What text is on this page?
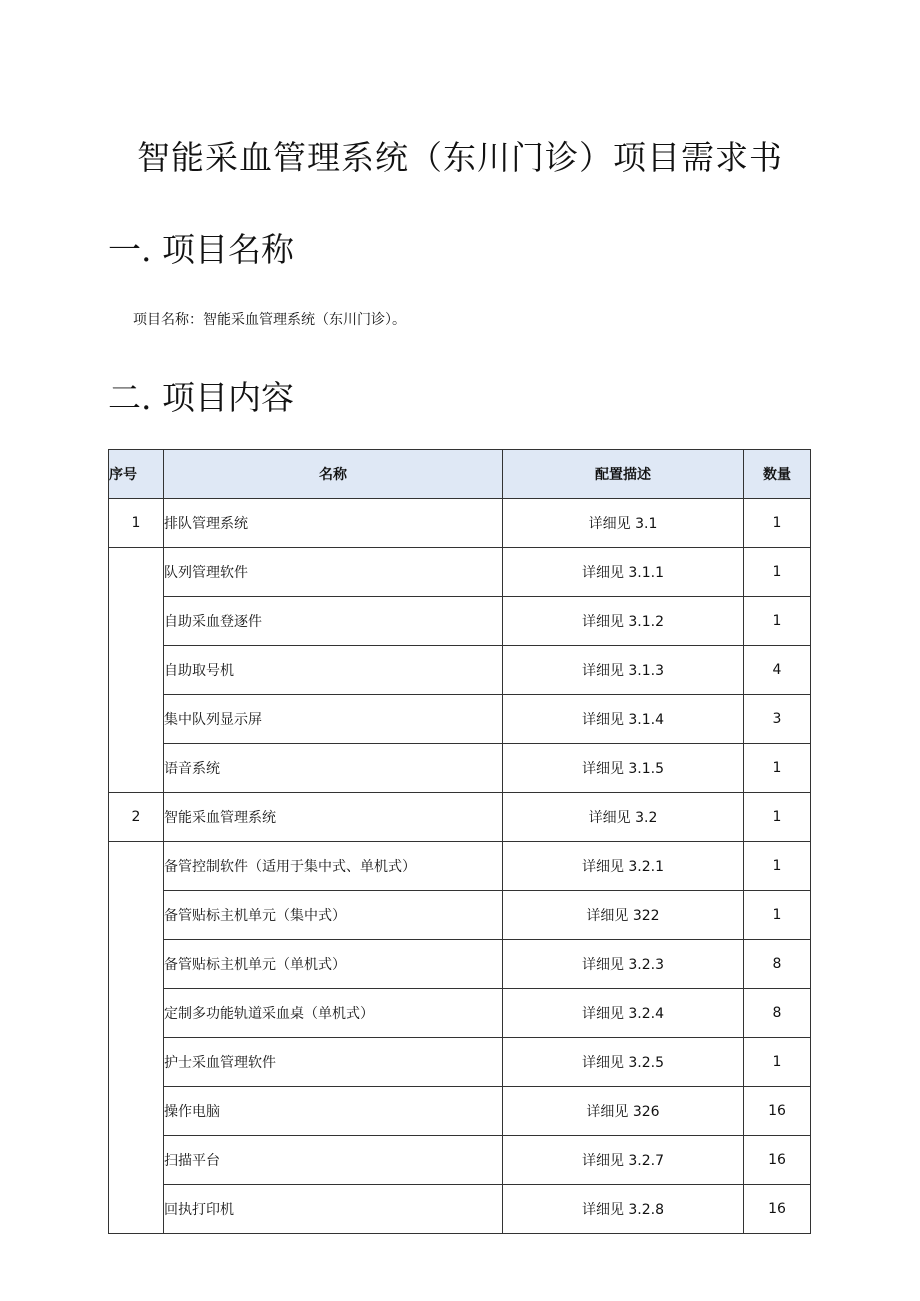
智能采血管理系统（东川门诊）项目需求书
一. 项目名称

项目名称：智能采血管理系统（东川门诊）。

二. 项目内容
序号	名称	配置描述	数量
1	排队管理系统	详细见 3.1	1
	队列管理软件	详细见 3.1.1	1
	自助采血登逐件	详细见 3.1.2	1
	自助取号机	详细见 3.1.3	4
	集中队列显示屏	详细见 3.1.4	3
	语音系统	详细见 3.1.5	1
2	智能采血管理系统	详细见 3.2	1
	备管控制软件（适用于集中式、单机式）	详细见 3.2.1	1
	备管贴标主机单元（集中式）	详细见 322	1
	备管贴标主机单元（单机式）	详细见 3.2.3	8
	定制多功能轨道采血桌（单机式）	详细见 3.2.4	8
	护士采血管理软件	详细见 3.2.5	1
	操作电脑	详细见 326	16
	扫描平台	详细见 3.2.7	16
	回执打印机	详细见 3.2.8	16
